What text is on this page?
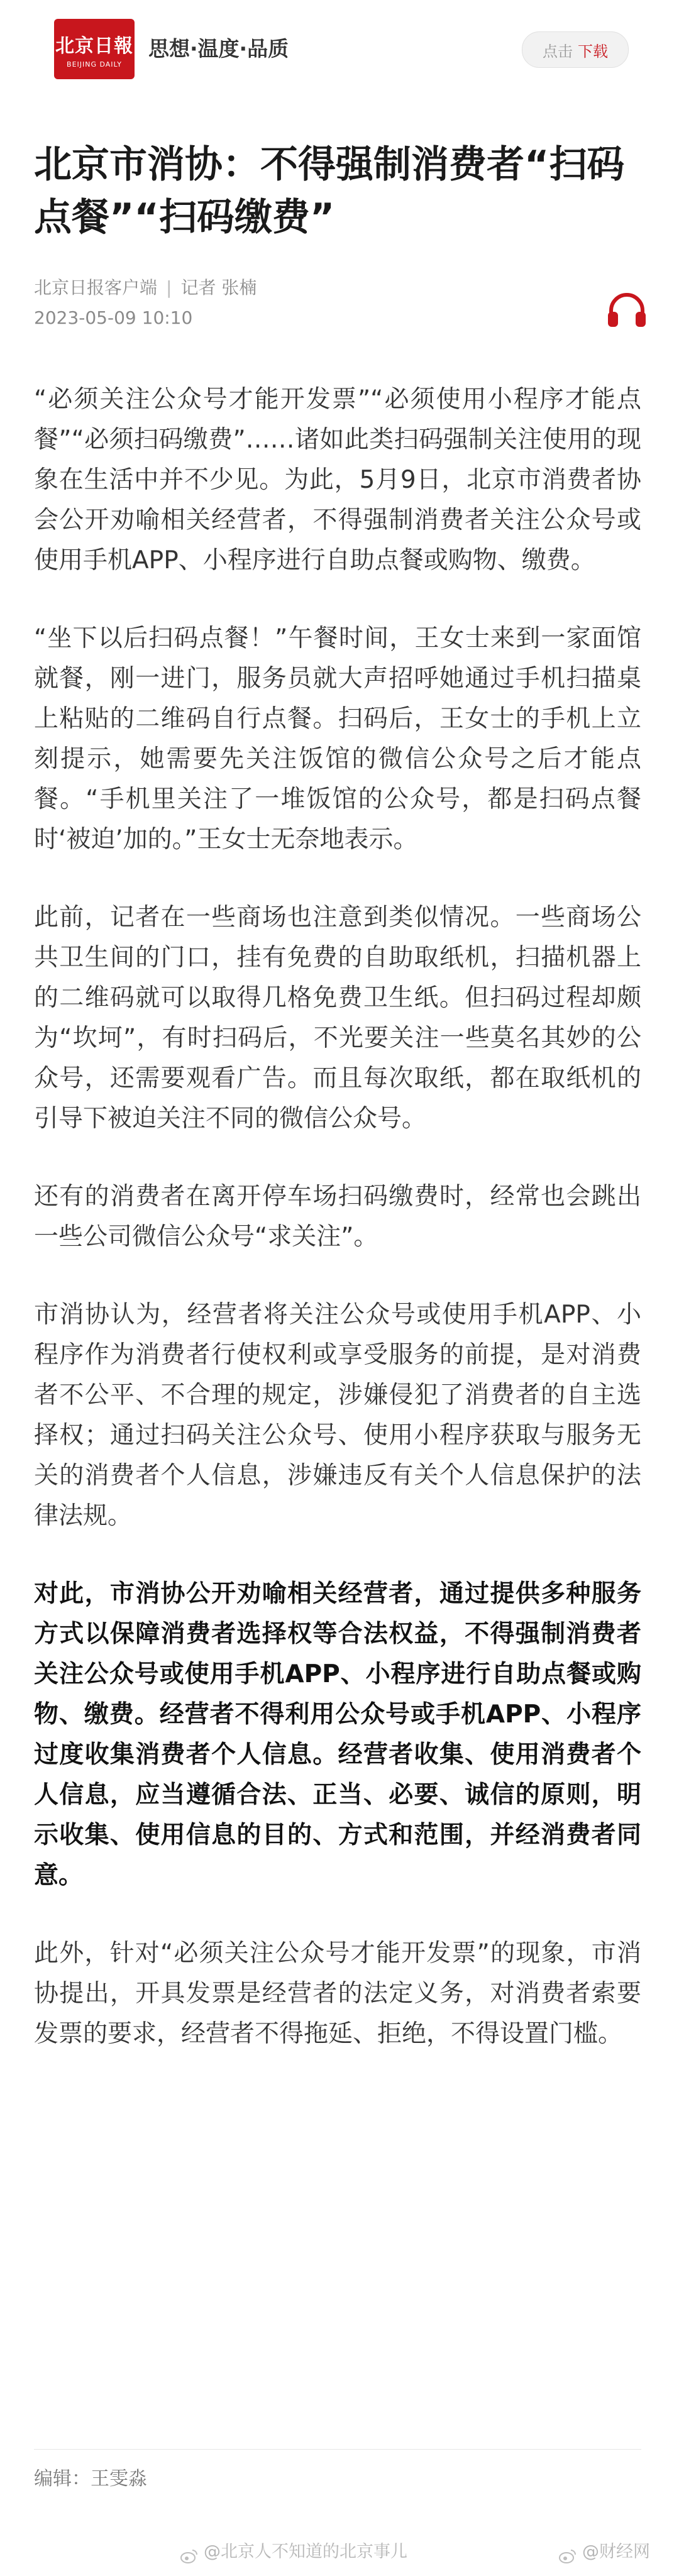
北京日報
BEIJING DAILY
思想·温度·品质	点击 下载
北京市消协：不得强制消费者“扫码点餐”“扫码缴费”
北京日报客户端 | 记者 张楠
2023-05-09 10:10

“必须关注公众号才能开发票”“必须使用小程序才能点餐”“必须扫码缴费”……诸如此类扫码强制关注使用的现象在生活中并不少见。为此，5月9日，北京市消费者协会公开劝喻相关经营者，不得强制消费者关注公众号或使用手机APP、小程序进行自助点餐或购物、缴费。

“坐下以后扫码点餐！”午餐时间，王女士来到一家面馆就餐，刚一进门，服务员就大声招呼她通过手机扫描桌上粘贴的二维码自行点餐。扫码后，王女士的手机上立刻提示，她需要先关注饭馆的微信公众号之后才能点餐。“手机里关注了一堆饭馆的公众号，都是扫码点餐时‘被迫’加的。”王女士无奈地表示。

此前，记者在一些商场也注意到类似情况。一些商场公共卫生间的门口，挂有免费的自助取纸机，扫描机器上的二维码就可以取得几格免费卫生纸。但扫码过程却颇为“坎坷”，有时扫码后，不光要关注一些莫名其妙的公众号，还需要观看广告。而且每次取纸，都在取纸机的引导下被迫关注不同的微信公众号。

还有的消费者在离开停车场扫码缴费时，经常也会跳出一些公司微信公众号“求关注”。

市消协认为，经营者将关注公众号或使用手机APP、小程序作为消费者行使权利或享受服务的前提，是对消费者不公平、不合理的规定，涉嫌侵犯了消费者的自主选择权；通过扫码关注公众号、使用小程序获取与服务无关的消费者个人信息，涉嫌违反有关个人信息保护的法律法规。

对此，市消协公开劝喻相关经营者，通过提供多种服务方式以保障消费者选择权等合法权益，不得强制消费者关注公众号或使用手机APP、小程序进行自助点餐或购物、缴费。经营者不得利用公众号或手机APP、小程序过度收集消费者个人信息。经营者收集、使用消费者个人信息，应当遵循合法、正当、必要、诚信的原则，明示收集、使用信息的目的、方式和范围，并经消费者同意。

此外，针对“必须关注公众号才能开发票”的现象，市消协提出，开具发票是经营者的法定义务，对消费者索要发票的要求，经营者不得拖延、拒绝，不得设置门槛。

编辑：王雯淼
@北京人不知道的北京事儿	@财经网
